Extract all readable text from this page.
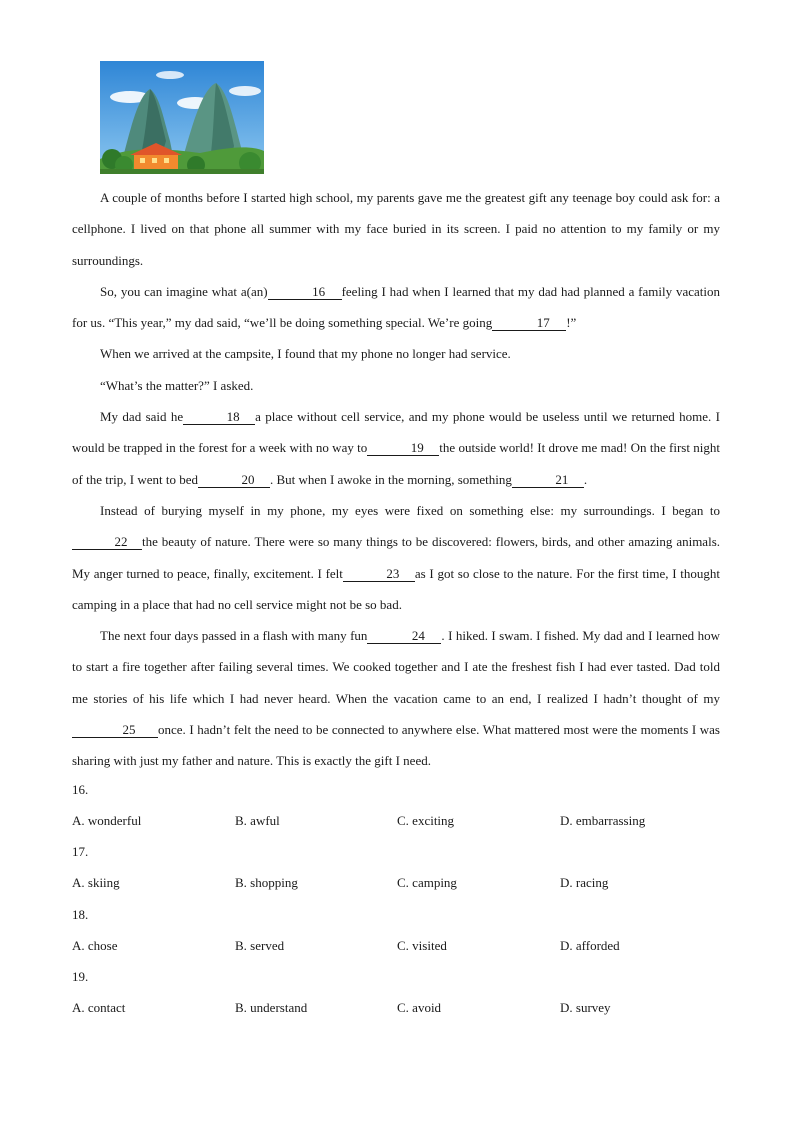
A couple of months before I started high school, my parents gave me the greatest gift any teenage boy could ask for: a cellphone. I lived on that phone all summer with my face buried in its screen. I paid no attention to my family or my surroundings.

So, you can imagine what a(an)	16 feeling I had when I learned that my dad had planned a family vacation for us. “This year,” my dad said, “we’ll be doing something special. We’re going	17 !”

When we arrived at the campsite, I found that my phone no longer had service.

“What’s the matter?” I asked.

My dad said he	18 a place without cell service, and my phone would be useless until we returned home. I would be trapped in the forest for a week with no way to	19 the outside world! It drove me mad! On the first night of the trip, I went to bed	20 . But when I awoke in the morning, something	21 .

Instead of burying myself in my phone, my eyes were fixed on something else: my surroundings. I began to22 the beauty of nature. There were so many things to be discovered: flowers, birds, and other amazing animals. My anger turned to peace, finally, excitement. I felt	23 as I got so close to the nature. For the first time, I thought camping in a place that had no cell service might not be so bad.

The next four days passed in a flash with many fun	24 . I hiked. I swam. I fished. My dad and I learned how to start a fire together after failing several times. We cooked together and I ate the freshest fish I had ever tasted. Dad told me stories of his life which I had never heard. When the vacation came to an end, I realized I hadn’t thought of my25 once. I hadn’t felt the need to be connected to anywhere else. What mattered most were the moments I was sharing with just my father and nature. This is exactly the gift I need.

16.
A. wonderful	B. awful	C. exciting	D. embarrassing
17.
A. skiing	B. shopping	C. camping	D. racing
18.
A. chose	B. served	C. visited	D. afforded
19.
A. contact	B. understand	C. avoid	D. survey
